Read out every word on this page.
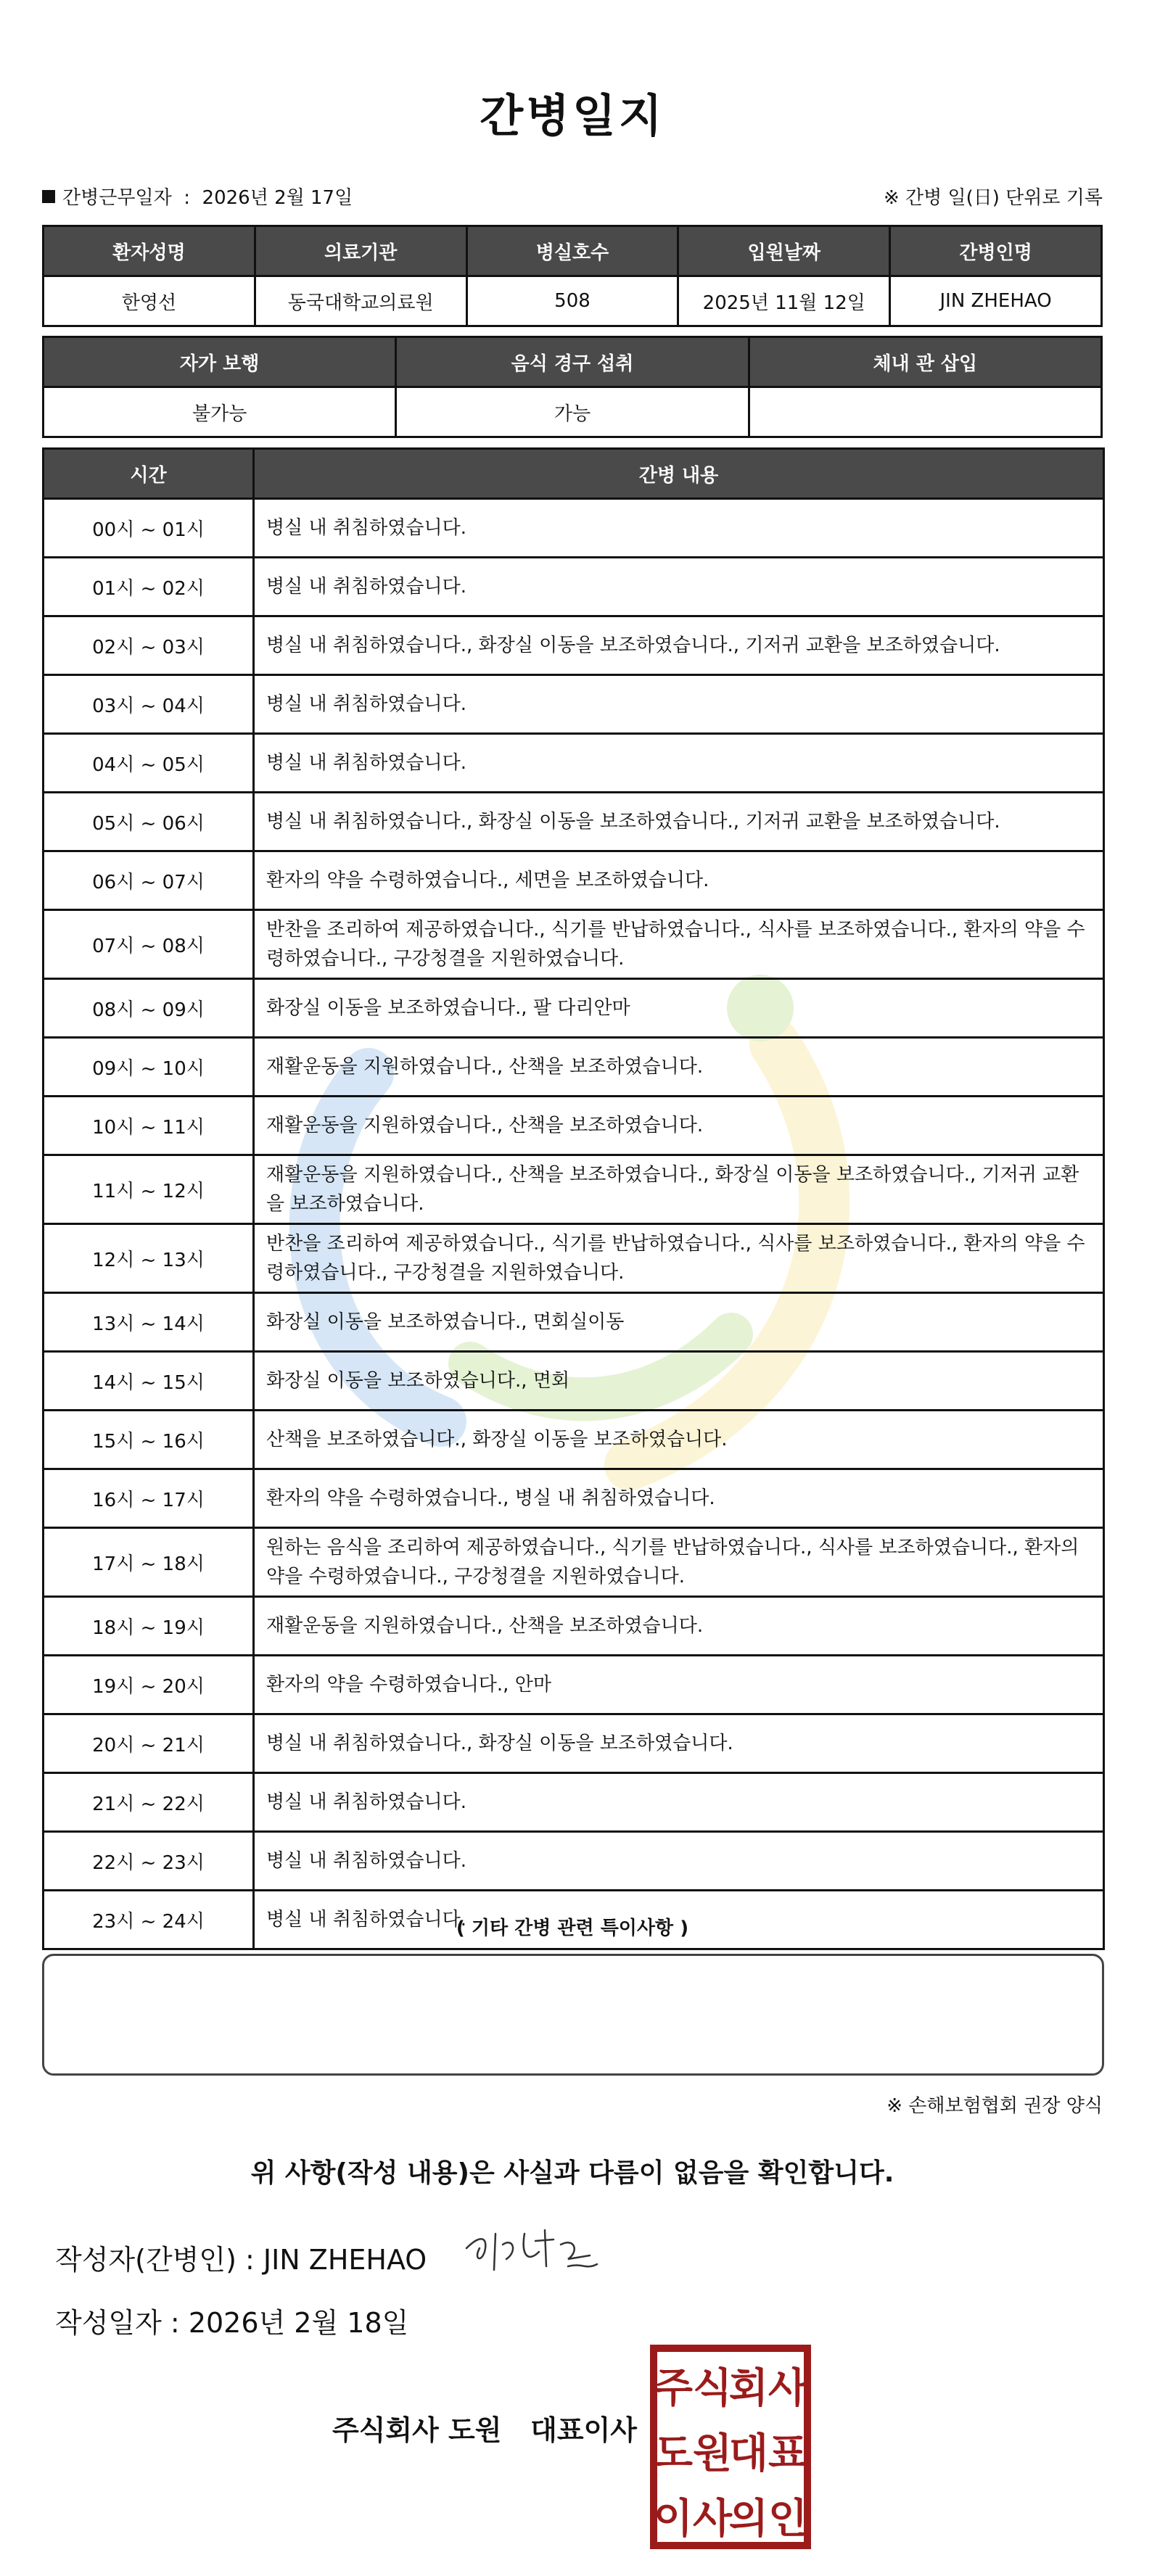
간병일지
간병근무일자  :  2026년 2월 17일	※ 간병 일(日) 단위로 기록
환자성명	의료기관	병실호수	입원날짜	간병인명
한영선	동국대학교의료원	508	2025년 11월 12일	JIN ZHEHAO
자가 보행	음식 경구 섭취	체내 관 삽입
불가능	가능	
시간	간병 내용
00시 ~ 01시	병실 내 취침하였습니다.
01시 ~ 02시	병실 내 취침하였습니다.
02시 ~ 03시	병실 내 취침하였습니다., 화장실 이동을 보조하였습니다., 기저귀 교환을 보조하였습니다.
03시 ~ 04시	병실 내 취침하였습니다.
04시 ~ 05시	병실 내 취침하였습니다.
05시 ~ 06시	병실 내 취침하였습니다., 화장실 이동을 보조하였습니다., 기저귀 교환을 보조하였습니다.
06시 ~ 07시	환자의 약을 수령하였습니다., 세면을 보조하였습니다.
07시 ~ 08시	반찬을 조리하여 제공하였습니다., 식기를 반납하였습니다., 식사를 보조하였습니다., 환자의 약을 수령하였습니다., 구강청결을 지원하였습니다.
08시 ~ 09시	화장실 이동을 보조하였습니다., 팔 다리안마
09시 ~ 10시	재활운동을 지원하였습니다., 산책을 보조하였습니다.
10시 ~ 11시	재활운동을 지원하였습니다., 산책을 보조하였습니다.
11시 ~ 12시	재활운동을 지원하였습니다., 산책을 보조하였습니다., 화장실 이동을 보조하였습니다., 기저귀 교환을 보조하였습니다.
12시 ~ 13시	반찬을 조리하여 제공하였습니다., 식기를 반납하였습니다., 식사를 보조하였습니다., 환자의 약을 수령하였습니다., 구강청결을 지원하였습니다.
13시 ~ 14시	화장실 이동을 보조하였습니다., 면회실이동
14시 ~ 15시	화장실 이동을 보조하였습니다., 면회
15시 ~ 16시	산책을 보조하였습니다., 화장실 이동을 보조하였습니다.
16시 ~ 17시	환자의 약을 수령하였습니다., 병실 내 취침하였습니다.
17시 ~ 18시	원하는 음식을 조리하여 제공하였습니다., 식기를 반납하였습니다., 식사를 보조하였습니다., 환자의 약을 수령하였습니다., 구강청결을 지원하였습니다.
18시 ~ 19시	재활운동을 지원하였습니다., 산책을 보조하였습니다.
19시 ~ 20시	환자의 약을 수령하였습니다., 안마
20시 ~ 21시	병실 내 취침하였습니다., 화장실 이동을 보조하였습니다.
21시 ~ 22시	병실 내 취침하였습니다.
22시 ~ 23시	병실 내 취침하였습니다.
23시 ~ 24시	병실 내 취침하였습니다.
( 기타 간병 관련 특이사항 )
※ 손해보험협회 권장 양식
위 사항(작성 내용)은 사실과 다름이 없음을 확인합니다.
작성자(간병인) : JIN ZHEHAO
작성일자 : 2026년 2월 18일
주식회사 도원   대표이사
주식
회사
도원
대표
이사
의인
